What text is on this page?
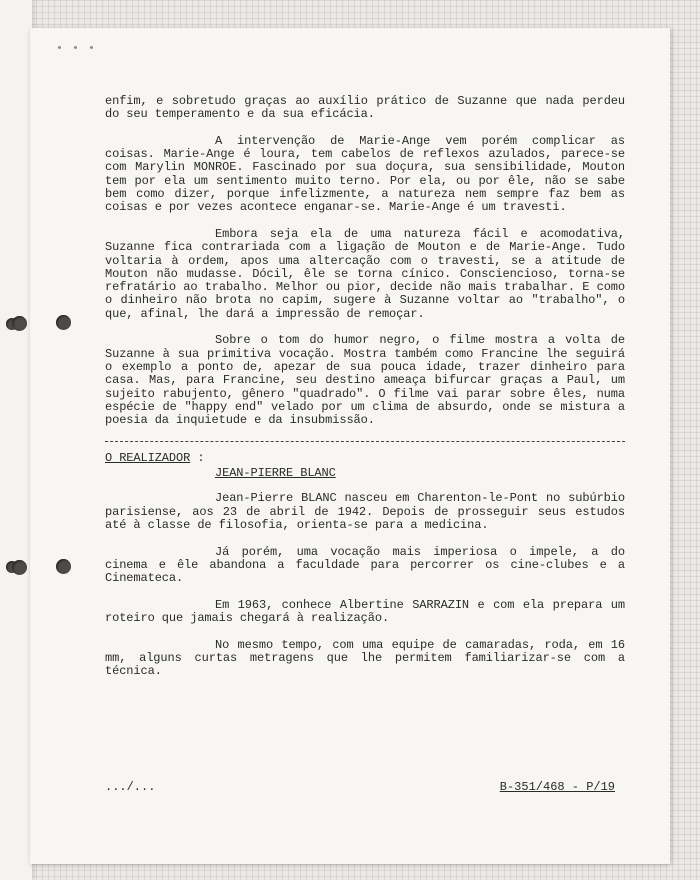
enfim, e sobretudo graças ao auxílio prático de Suzanne que nada perdeu do seu temperamento e da sua eficácia.

A intervenção de Marie-Ange vem porém complicar as coisas. Marie-Ange é loura, tem cabelos de reflexos azulados, parece-se com Marylin MONROE. Fascinado por sua doçura, sua sensibilidade, Mouton tem por ela um sentimento muito terno. Por ela, ou por êle, não se sabe bem como dizer, porque infelizmente, a natureza nem sempre faz bem as coisas e por vezes acontece enganar-se. Marie-Ange é um travesti.

Embora seja ela de uma natureza fácil e acomodativa, Suzanne fica contrariada com a ligação de Mouton e de Marie-Ange. Tudo voltaria à ordem, apos uma altercação com o travesti, se a atitude de Mouton não mudasse. Dócil, êle se torna cínico. Consciencioso, torna-se refratário ao trabalho. Melhor ou pior, decide não mais trabalhar. E como o dinheiro não brota no capim, sugere à Suzanne voltar ao "trabalho", o que, afinal, lhe dará a impressão de remoçar.

Sobre o tom do humor negro, o filme mostra a volta de Suzanne à sua primitiva vocação. Mostra também como Francine lhe seguirá o exemplo a ponto de, apezar de sua pouca idade, trazer dinheiro para casa. Mas, para Francine, seu destino ameaça bifurcar graças a Paul, um sujeito rabujento, gênero "quadrado". O filme vai parar sobre êles, numa espécie de "happy end" velado por um clima de absurdo, onde se mistura a poesia da inquietude e da insubmissão.

O REALIZADOR :
JEAN-PIERRE BLANC

Jean-Pierre BLANC nasceu em Charenton-le-Pont no subúrbio parisiense, aos 23 de abril de 1942. Depois de prosseguir seus estudos até à classe de filosofia, orienta-se para a medicina.

Já porém, uma vocação mais imperiosa o impele, a do cinema e êle abandona a faculdade para percorrer os cine-clubes e a Cinemateca.

Em 1963, conhece Albertine SARRAZIN e com ela prepara um roteiro que jamais chegará à realização.

No mesmo tempo, com uma equipe de camaradas, roda, em 16 mm, alguns curtas metragens que lhe permitem familiarizar-se com a técnica.

.../...	B-351/468 - P/19
